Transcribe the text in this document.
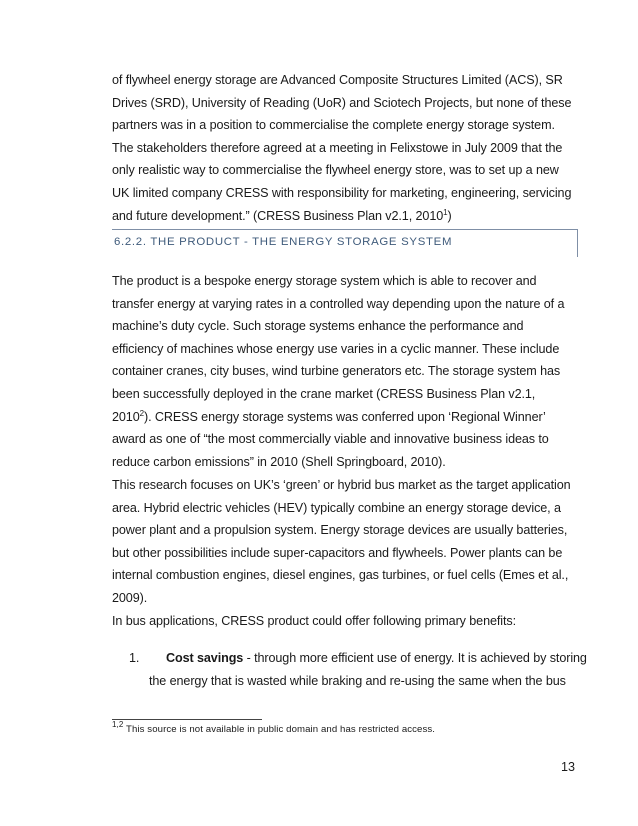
of flywheel energy storage are Advanced Composite Structures Limited (ACS), SR
Drives (SRD), University of Reading (UoR) and Sciotech Projects, but none of these
partners was in a position to commercialise the complete energy storage system.
The stakeholders therefore agreed at a meeting in Felixstowe in July 2009 that the
only realistic way to commercialise the flywheel energy store, was to set up a new
UK limited company CRESS with responsibility for marketing, engineering, servicing
and future development.” (CRESS Business Plan v2.1, 2010$^1$)
6.2.2. THE PRODUCT - THE ENERGY STORAGE SYSTEM
The product is a bespoke energy storage system which is able to recover and
transfer energy at varying rates in a controlled way depending upon the nature of a
machine’s duty cycle. Such storage systems enhance the performance and
efficiency of machines whose energy use varies in a cyclic manner. These include
container cranes, city buses, wind turbine generators etc. The storage system has
been successfully deployed in the crane market (CRESS Business Plan v2.1,
2010$^2$). CRESS energy storage systems was conferred upon ‘Regional Winner’
award as one of “the most commercially viable and innovative business ideas to
reduce carbon emissions” in 2010 (Shell Springboard, 2010).
This research focuses on UK’s ‘green’ or hybrid bus market as the target application
area. Hybrid electric vehicles (HEV) typically combine an energy storage device, a
power plant and a propulsion system. Energy storage devices are usually batteries,
but other possibilities include super-capacitors and flywheels. Power plants can be
internal combustion engines, diesel engines, gas turbines, or fuel cells (Emes et al.,
2009).
In bus applications, CRESS product could offer following primary benefits:
1. Cost savings - through more efficient use of energy. It is achieved by storing
the energy that is wasted while braking and re-using the same when the bus
$^{1,2}$ This source is not available in public domain and has restricted access.
13
